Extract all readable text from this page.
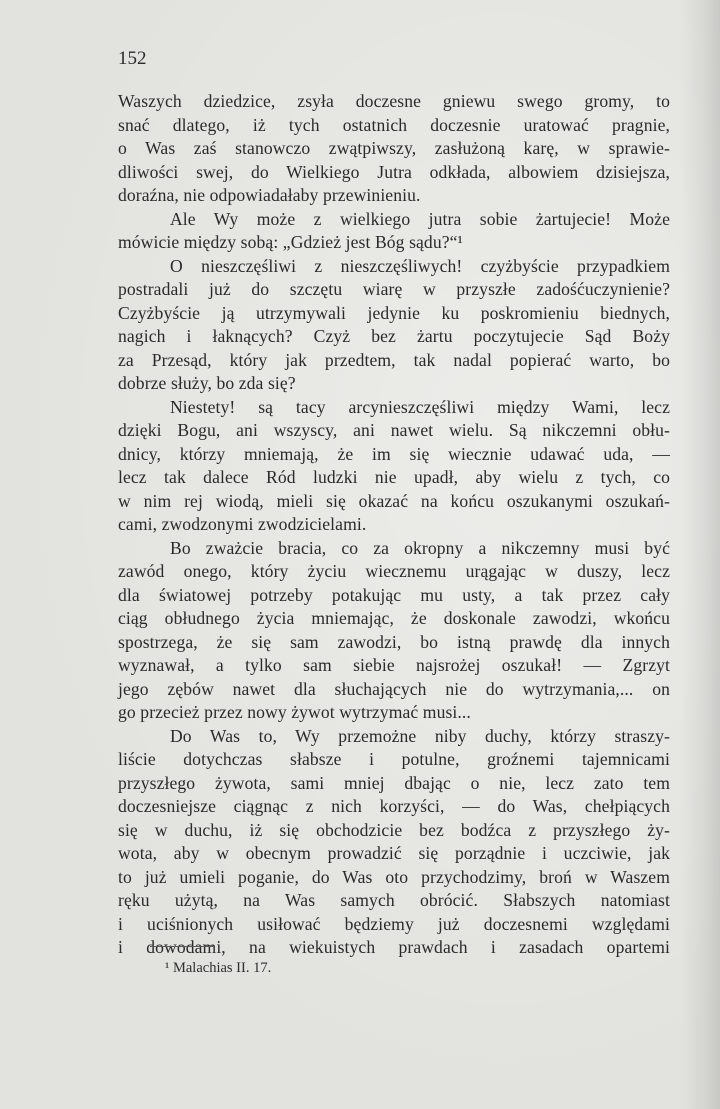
152
Waszych dziedzice, zsyła doczesne gniewu swego gromy, to
snać dlatego, iż tych ostatnich doczesnie uratować pragnie,
o Was zaś stanowczo zwątpiwszy, zasłużoną karę, w sprawie-
dliwości swej, do Wielkiego Jutra odkłada, albowiem dzisiejsza,
doraźna, nie odpowiadałaby przewinieniu.
Ale Wy może z wielkiego jutra sobie żartujecie! Może
mówicie między sobą: „Gdzież jest Bóg sądu?“¹
O nieszczęśliwi z nieszczęśliwych! czyżbyście przypadkiem
postradali już do szczętu wiarę w przyszłe zadośćuczynienie?
Czyżbyście ją utrzymywali jedynie ku poskromieniu biednych,
nagich i łaknących? Czyż bez żartu poczytujecie Sąd Boży
za Przesąd, który jak przedtem, tak nadal popierać warto, bo
dobrze służy, bo zda się?
Niestety! są tacy arcynieszczęśliwi między Wami, lecz
dzięki Bogu, ani wszyscy, ani nawet wielu. Są nikczemni obłu-
dnicy, którzy mniemają, że im się wiecznie udawać uda, —
lecz tak dalece Ród ludzki nie upadł, aby wielu z tych, co
w nim rej wiodą, mieli się okazać na końcu oszukanymi oszukań-
cami, zwodzonymi zwodzicielami.
Bo zważcie bracia, co za okropny a nikczemny musi być
zawód onego, który życiu wiecznemu urągając w duszy, lecz
dla światowej potrzeby potakując mu usty, a tak przez cały
ciąg obłudnego życia mniemając, że doskonale zawodzi, wkońcu
spostrzega, że się sam zawodzi, bo istną prawdę dla innych
wyznawał, a tylko sam siebie najsrożej oszukał! — Zgrzyt
jego zębów nawet dla słuchających nie do wytrzymania,... on
go przecież przez nowy żywot wytrzymać musi...
Do Was to, Wy przemożne niby duchy, którzy straszy-
liście dotychczas słabsze i potulne, groźnemi tajemnicami
przyszłego żywota, sami mniej dbając o nie, lecz zato tem
doczesniejsze ciągnąc z nich korzyści, — do Was, chełpiących
się w duchu, iż się obchodzicie bez bodźca z przyszłego ży-
wota, aby w obecnym prowadzić się porządnie i uczciwie, jak
to już umieli poganie, do Was oto przychodzimy, broń w Waszem
ręku użytą, na Was samych obrócić. Słabszych natomiast
i uciśnionych usiłować będziemy już doczesnemi względami
i dowodami, na wiekuistych prawdach i zasadach opartemi
¹ Malachias II. 17.
